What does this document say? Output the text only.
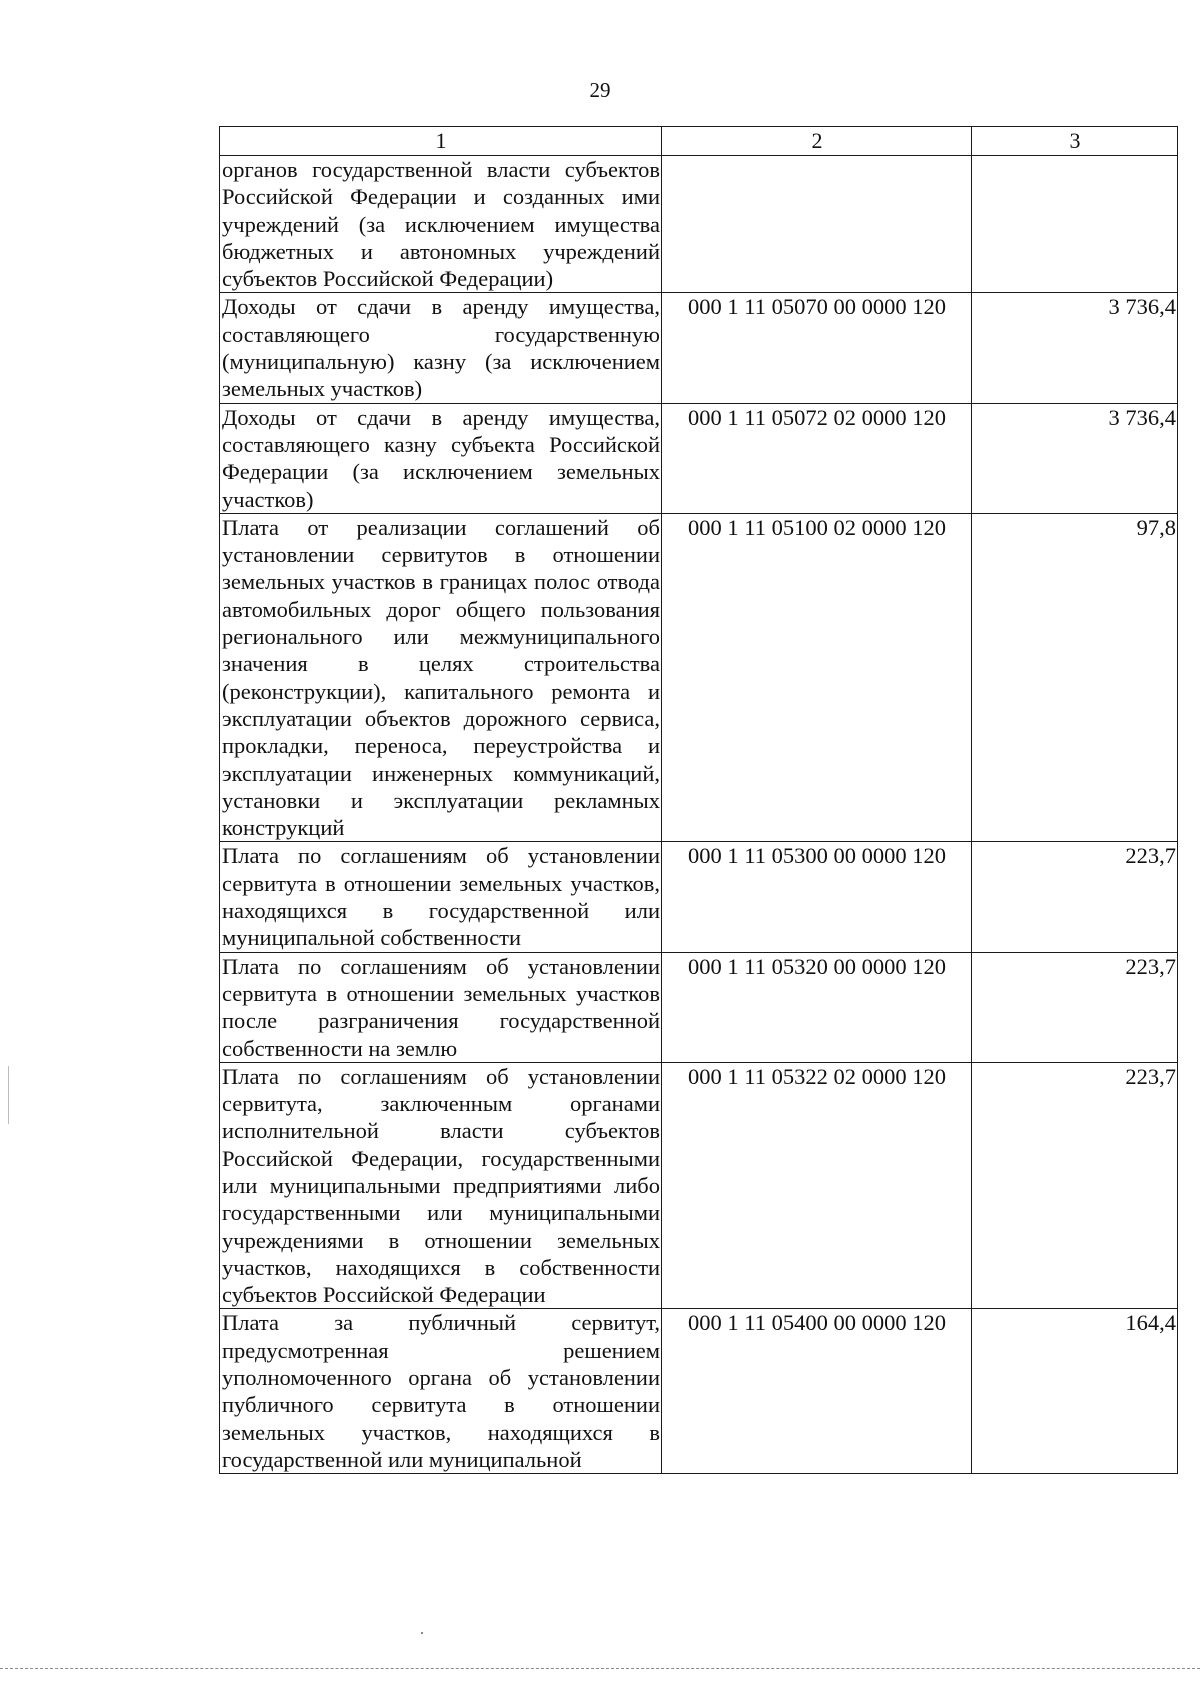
29
1	2	3

органов государственной власти субъектов Российской Федерации и созданных ими учреждений (за исключением имущества бюджетных и автономных учреждений субъектов Российской Федерации)		

Доходы от сдачи в аренду имущества, составляющего государственную (муниципальную) казну (за исключением земельных участков)	000 1 11 05070 00 0000 120	3 736,4

Доходы от сдачи в аренду имущества, составляющего казну субъекта Российской Федерации (за исключением земельных участков)	000 1 11 05072 02 0000 120	3 736,4

Плата от реализации соглашений об установлении сервитутов в отношении земельных участков в границах полос отвода автомобильных дорог общего пользования регионального или межмуниципального значения в целях строительства (реконструкции), капитального ремонта и эксплуатации объектов дорожного сервиса, прокладки, переноса, переустройства и эксплуатации инженерных коммуникаций, установки и эксплуатации рекламных конструкций	000 1 11 05100 02 0000 120	97,8

Плата по соглашениям об установлении сервитута в отношении земельных участков, находящихся в государственной или муниципальной собственности	000 1 11 05300 00 0000 120	223,7

Плата по соглашениям об установлении сервитута в отношении земельных участков после разграничения государственной собственности на землю	000 1 11 05320 00 0000 120	223,7

Плата по соглашениям об установлении сервитута, заключенным органами исполнительной власти субъектов Российской Федерации, государственными или муниципальными предприятиями либо государственными или муниципальными учреждениями в отношении земельных участков, находящихся в собственности субъектов Российской Федерации	000 1 11 05322 02 0000 120	223,7

Плата за публичный сервитут, предусмотренная решением уполномоченного органа об установлении публичного сервитута в отношении земельных участков, находящихся в государственной или муниципальной	000 1 11 05400 00 0000 120	164,4
